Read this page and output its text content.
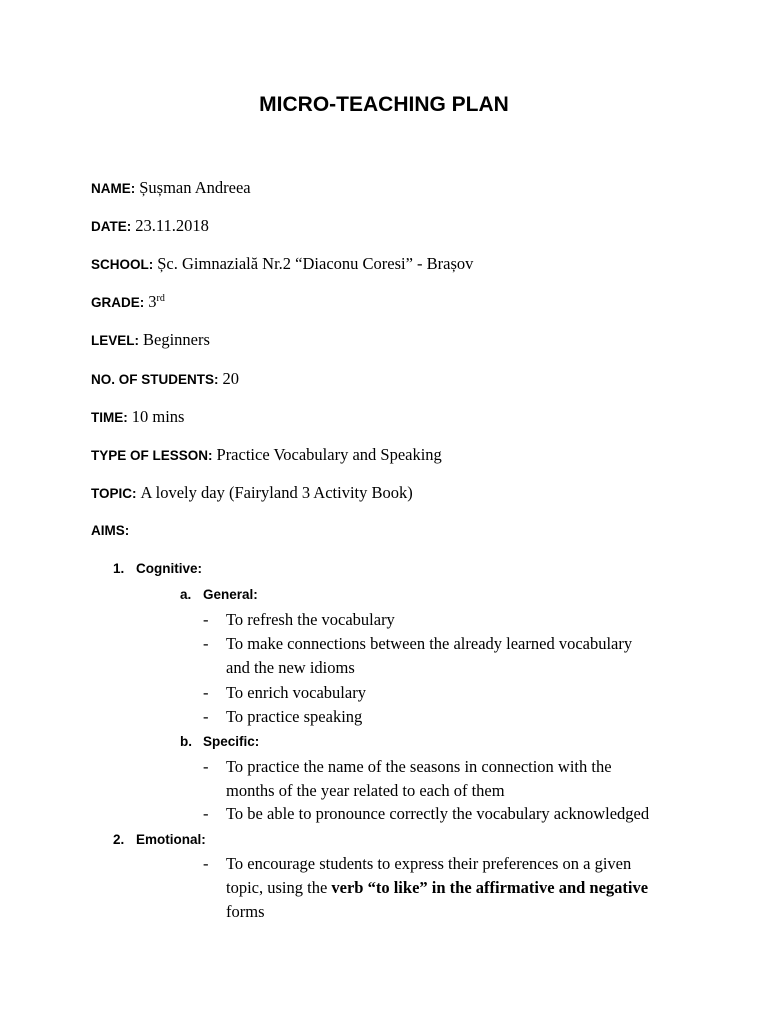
MICRO-TEACHING PLAN
NAME: Șușman Andreea
DATE: 23.11.2018
SCHOOL: Șc. Gimnazială Nr.2 “Diaconu Coresi” - Brașov
GRADE: 3rd
LEVEL: Beginners
NO. OF STUDENTS: 20
TIME: 10 mins
TYPE OF LESSON: Practice Vocabulary and Speaking
TOPIC: A lovely day (Fairyland 3 Activity Book)
AIMS:
1. Cognitive:
a. General:
- To refresh the vocabulary
- To make connections between the already learned vocabulary
and the new idioms
- To enrich vocabulary
- To practice speaking
b. Specific:
- To practice the name of the seasons in connection with the
months of the year related to each of them
- To be able to pronounce correctly the vocabulary acknowledged
2. Emotional:
- To encourage students to express their preferences on a given
topic, using the verb “to like” in the affirmative and negative
forms
